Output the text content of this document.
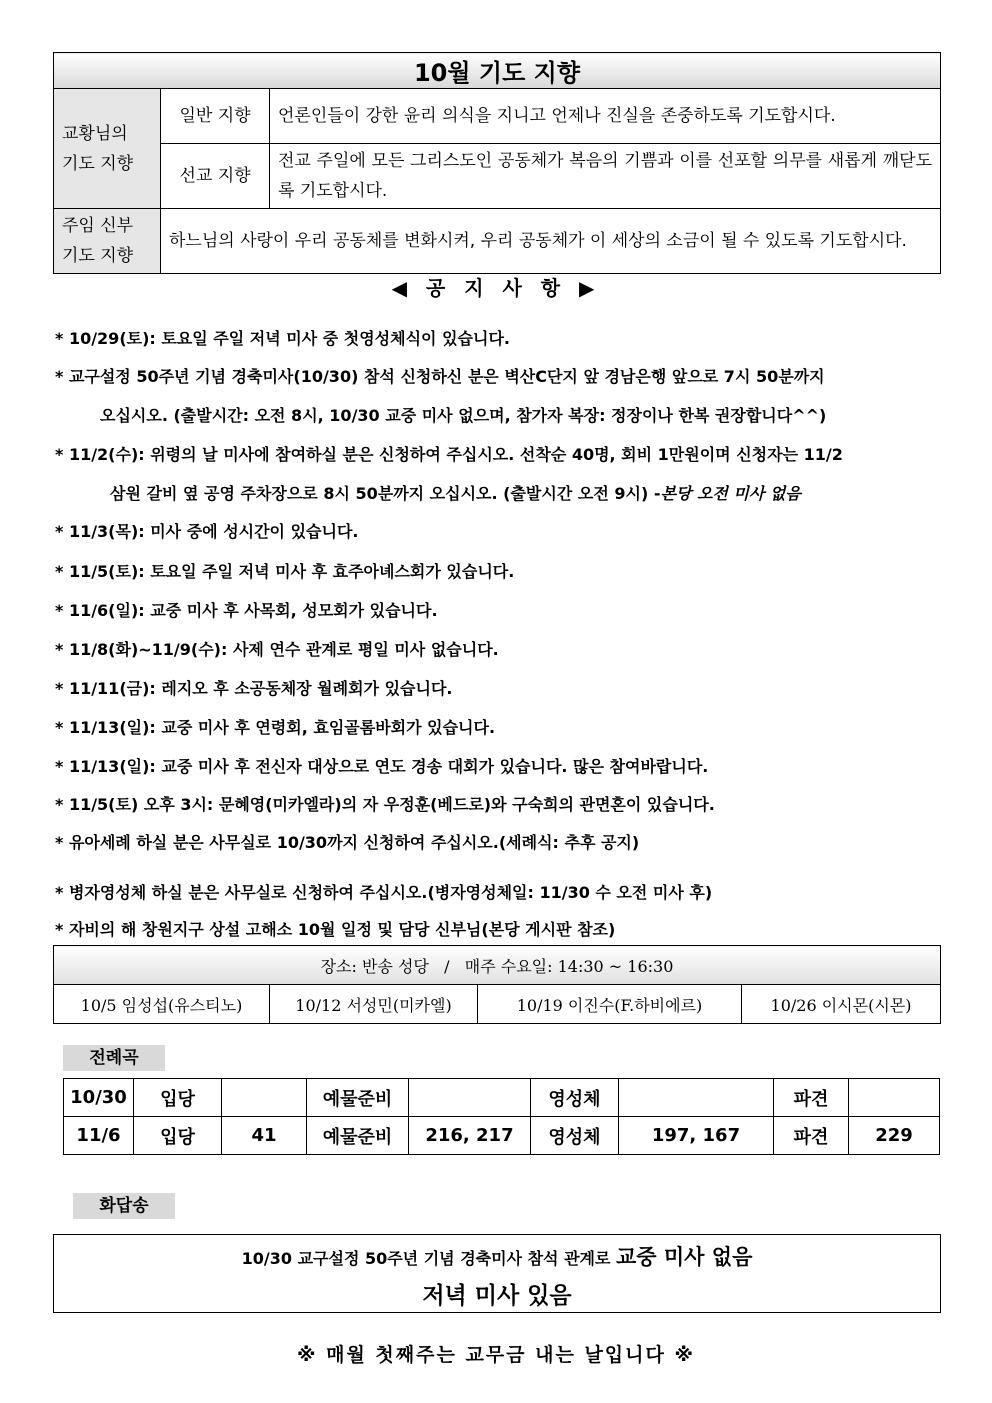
10월 기도 지향		

교황님의
기도 지향	일반 지향	언론인들이 강한 윤리 의식을 지니고 언제나 진실을 존중하도록 기도합시다.
	선교 지향	전교 주일에 모든 그리스도인 공동체가 복음의 기쁨과 이를 선포할 의무를 새롭게 깨닫도록 기도합시다.

주임 신부
기도 지향	하느님의 사랑이 우리 공동체를 변화시켜, 우리 공동체가 이 세상의 소금이 될 수 있도록 기도합시다.	
◀ 공 지 사 항 ▶
* 10/29(토): 토요일 주일 저녁 미사 중 첫영성체식이 있습니다.
* 교구설정 50주년 기념 경축미사(10/30) 참석 신청하신 분은 벽산C단지 앞 경남은행 앞으로 7시 50분까지
오십시오. (출발시간: 오전 8시, 10/30 교중 미사 없으며, 참가자 복장: 정장이나 한복 권장합니다^^)
* 11/2(수): 위령의 날 미사에 참여하실 분은 신청하여 주십시오. 선착순 40명, 회비 1만원이며 신청자는 11/2
삼원 갈비 옆 공영 주차장으로 8시 50분까지 오십시오. (출발시간 오전 9시) -본당 오전 미사 없음
* 11/3(목): 미사 중에 성시간이 있습니다.
* 11/5(토): 토요일 주일 저녁 미사 후 효주아녜스회가 있습니다.
* 11/6(일): 교중 미사 후 사목회, 성모회가 있습니다.
* 11/8(화)~11/9(수): 사제 연수 관계로 평일 미사 없습니다.
* 11/11(금): 레지오 후 소공동체장 월례회가 있습니다.
* 11/13(일): 교중 미사 후 연령회, 효임골롬바회가 있습니다.
* 11/13(일): 교중 미사 후 전신자 대상으로 연도 경송 대회가 있습니다. 많은 참여바랍니다.
* 11/5(토) 오후 3시: 문혜영(미카엘라)의 자 우정훈(베드로)와 구숙희의 관면혼이 있습니다.
* 유아세례 하실 분은 사무실로 10/30까지 신청하여 주십시오.(세례식: 추후 공지)
* 병자영성체 하실 분은 사무실로 신청하여 주십시오.(병자영성체일: 11/30 수 오전 미사 후)
* 자비의 해 창원지구 상설 고해소 10월 일정 및 담당 신부님(본당 게시판 참조)
장소: 반송 성당   /   매주 수요일: 14:30 ~ 16:30
10/5 임성섭(유스티노)	10/12 서성민(미카엘)	10/19 이진수(F.하비에르)	10/26 이시몬(시몬)
전례곡
10/30	입당		예물준비		영성체		파견	
11/6	입당	41	예물준비	216, 217	영성체	197, 167	파견	229
화답송
10/30 교구설정 50주년 기념 경축미사 참석 관계로 교중 미사 없음
저녁 미사 있음
※ 매월 첫째주는 교무금 내는 날입니다 ※
